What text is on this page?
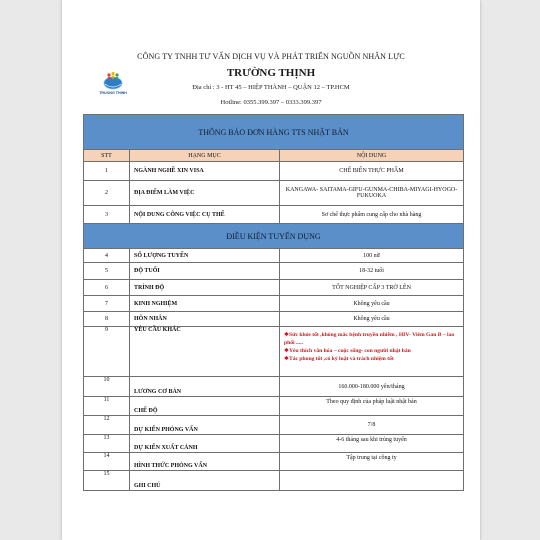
TRUONG THINH
CÔNG TY TNHH TƯ VẤN DỊCH VỤ VÀ PHÁT TRIỂN NGUỒN NHÂN LỰC
TRƯỜNG THỊNH
Địa chỉ : 3 - HT 45 – HIỆP THÀNH – QUẬN 12 – TP.HCM
Hotline: 0355.399.397 – 0333.399.397
THÔNG BÁO ĐƠN HÀNG TTS NHẬT BẢN		
STT	HẠNG MỤC	NỘI DUNG
1	NGÀNH NGHỀ XIN VISA	CHẾ BIẾN THỰC PHẨM
2	ĐỊA ĐIỂM LÀM VIỆC	KANGAWA- SAITAMA-GIFU-GUNMA-CHIBA-MIYAGI-HYOGO-FUKUOKA
3	NỘI DUNG CÔNG VIỆC CỤ THỂ	Sơ chế thực phẩm cung cấp cho nhà hàng
ĐIỀU KIỆN TUYỂN DỤNG		
4	SỐ LƯỢNG TUYỂN	100 nữ
5	ĐỘ TUỔI	18-32 tuổi
6	TRÌNH ĐỘ	TỐT NGHIỆP CẤP 3 TRỞ LÊN
7	KINH NGHIỆM	Không yêu cầu
8	HÔN NHÂN	Không yêu cầu
9	YÊU CẦU KHÁC	❖Sức khỏe tốt ,không mắc bệnh truyền nhiễm , HIV- Viêm Gan B – lao phổi .....
❖Yêu thích văn hóa – cuộc sống- con người nhật bản
❖Tác phong tốt ,có kỷ luật và trách nhiệm tốt

10	LƯƠNG CƠ BẢN	160.000-180.000 yên/tháng
11	CHẾ ĐỘ	Theo quy định của pháp luật nhật bản
12	DỰ KIẾN PHỎNG VẤN	7/8
13	DỰ KIẾN XUẤT CẢNH	4-6 tháng sau khi trúng tuyển
14	HÌNH THỨC PHỎNG VẤN	Tập trung tại công ty
15	GHI CHÚ	
